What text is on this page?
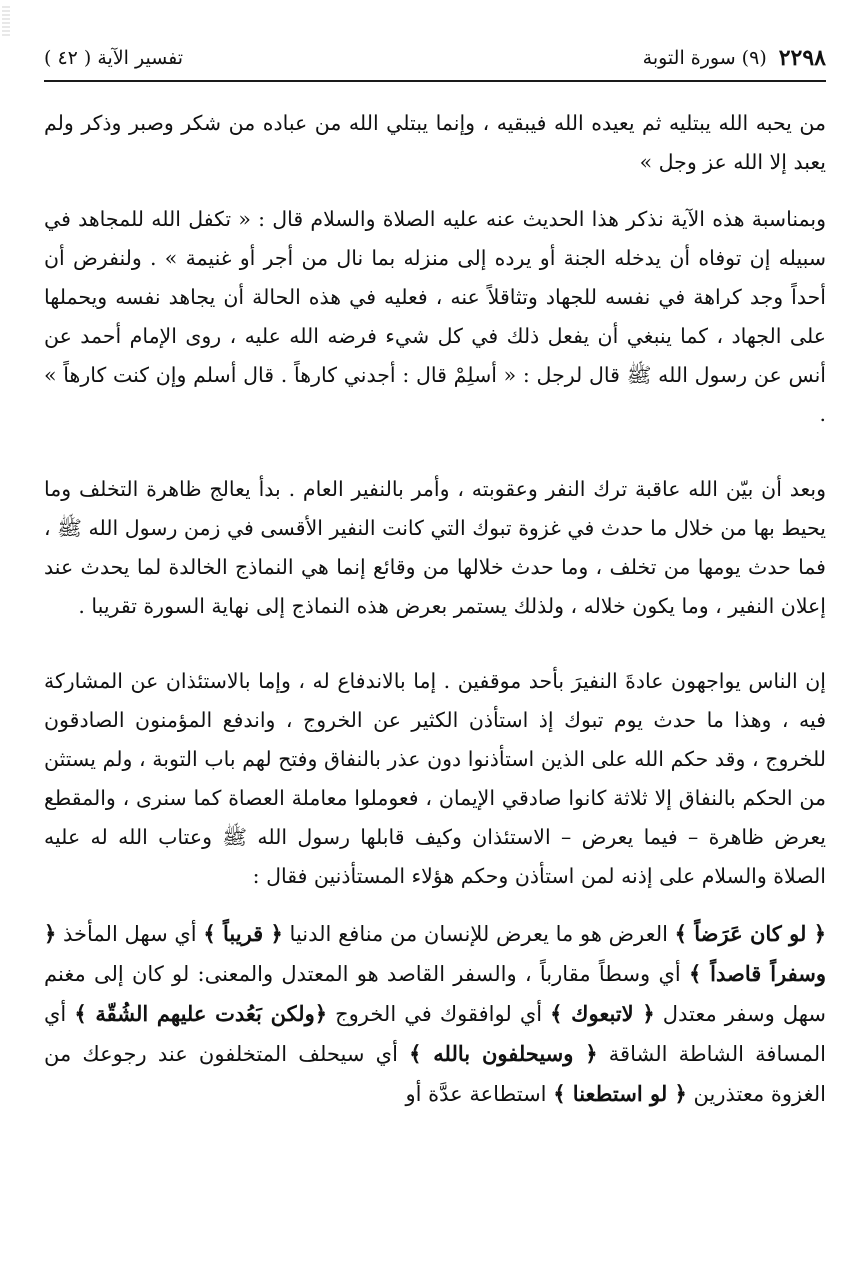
٢٢٩٨
(٩) سورة التوبة
تفسير الآية ( ٤٢ )

من يحبه الله يبتليه ثم يعيده الله فيبقيه ، وإنما يبتلي الله من عباده من شكر وصبر وذكر ولم يعبد إلا الله عز وجل »

وبمناسبة هذه الآية نذكر هذا الحديث عنه عليه الصلاة والسلام قال : « تكفل الله للمجاهد في سبيله إن توفاه أن يدخله الجنة أو يرده إلى منزله بما نال من أجر أو غنيمة » . ولنفرض أن أحداً وجد كراهة في نفسه للجهاد وتثاقلاً عنه ، فعليه في هذه الحالة أن يجاهد نفسه ويحملها على الجهاد ، كما ينبغي أن يفعل ذلك في كل شيء فرضه الله عليه ، روى الإمام أحمد عن أنس عن رسول الله ﷺ قال لرجل : « أسلِمْ قال : أجدني كارهاً . قال أسلم وإن كنت كارهاً » .

وبعد أن بيّن الله عاقبة ترك النفر وعقوبته ، وأمر بالنفير العام . بدأ يعالج ظاهرة التخلف وما يحيط بها من خلال ما حدث في غزوة تبوك التي كانت النفير الأقسى في زمن رسول الله ﷺ ، فما حدث يومها من تخلف ، وما حدث خلالها من وقائع إنما هي النماذج الخالدة لما يحدث عند إعلان النفير ، وما يكون خلاله ، ولذلك يستمر بعرض هذه النماذج إلى نهاية السورة تقريبا .

إن الناس يواجهون عادةَ النفيرَ بأحد موقفين . إما بالاندفاع له ، وإما بالاستئذان عن المشاركة فيه ، وهذا ما حدث يوم تبوك إذ استأذن الكثير عن الخروج ، واندفع المؤمنون الصادقون للخروج ، وقد حكم الله على الذين استأذنوا دون عذر بالنفاق وفتح لهم باب التوبة ، ولم يستثن من الحكم بالنفاق إلا ثلاثة كانوا صادقي الإيمان ، فعوملوا معاملة العصاة كما سنرى ، والمقطع يعرض ظاهرة – فيما يعرض – الاستئذان وكيف قابلها رسول الله ﷺ وعتاب الله له عليه الصلاة والسلام على إذنه لمن استأذن وحكم هؤلاء المستأذنين فقال :

﴿ لو كان عَرَضاً ﴾ العرض هو ما يعرض للإنسان من منافع الدنيا ﴿ قريباً ﴾ أي سهل المأخذ ﴿ وسفراً قاصداً ﴾ أي وسطاً مقارباً ، والسفر القاصد هو المعتدل والمعنى: لو كان إلى مغنم سهل وسفر معتدل ﴿ لاتبعوك ﴾ أي لوافقوك في الخروج ﴿ولكن بَعُدت عليهم الشُقّة ﴾ أي المسافة الشاطة الشاقة ﴿ وسيحلفون بالله ﴾ أي سيحلف المتخلفون عند رجوعك من الغزوة معتذرين ﴿ لو استطعنا ﴾ استطاعة عدَّة أو
